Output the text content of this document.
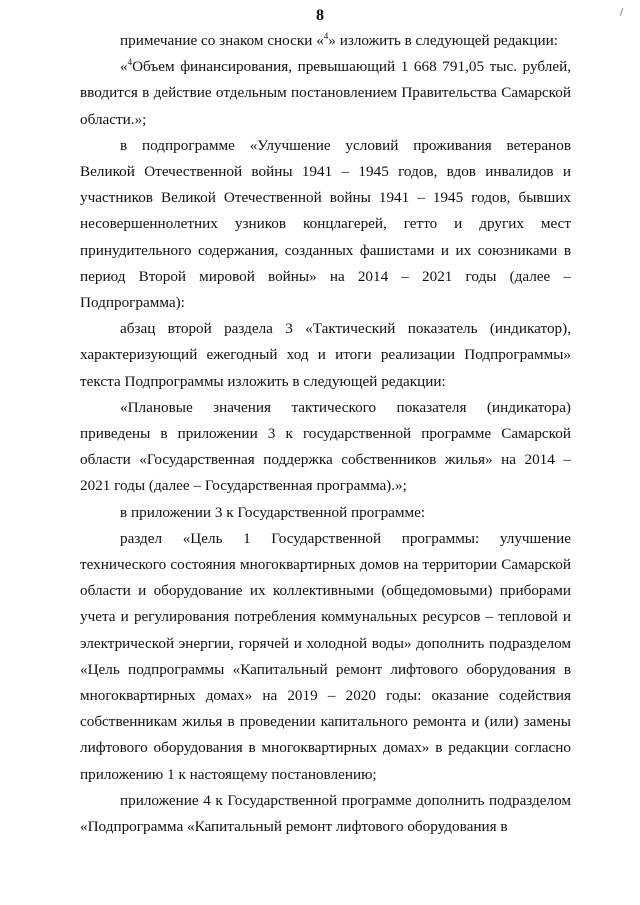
8

примечание со знаком сноски «$^4$» изложить в следующей редакции:

«$^4$Объем финансирования, превышающий 1 668 791,05 тыс. рублей, вводится в действие отдельным постановлением Правительства Самарской области.»;

в подпрограмме «Улучшение условий проживания ветеранов Великой Отечественной войны 1941 – 1945 годов, вдов инвалидов и участников Великой Отечественной войны 1941 – 1945 годов, бывших несовершеннолетних узников концлагерей, гетто и других мест принудительного содержания, созданных фашистами и их союзниками в период Второй мировой войны» на 2014 – 2021 годы (далее – Подпрограмма):

абзац второй раздела 3 «Тактический показатель (индикатор), характеризующий ежегодный ход и итоги реализации Подпрограммы» текста Подпрограммы изложить в следующей редакции:

«Плановые значения тактического показателя (индикатора) приведены в приложении 3 к государственной программе Самарской области «Государственная поддержка собственников жилья» на 2014 – 2021 годы (далее – Государственная программа).»;

в приложении 3 к Государственной программе:

раздел «Цель 1 Государственной программы: улучшение технического состояния многоквартирных домов на территории Самарской области и оборудование их коллективными (общедомовыми) приборами учета и регулирования потребления коммунальных ресурсов – тепловой и электрической энергии, горячей и холодной воды» дополнить подразделом «Цель подпрограммы «Капитальный ремонт лифтового оборудования в многоквартирных домах» на 2019 – 2020 годы: оказание содействия собственникам жилья в проведении капитального ремонта и (или) замены лифтового оборудования в многоквартирных домах» в редакции согласно приложению 1 к настоящему постановлению;

приложение 4 к Государственной программе дополнить подразделом «Подпрограмма «Капитальный ремонт лифтового оборудования в
